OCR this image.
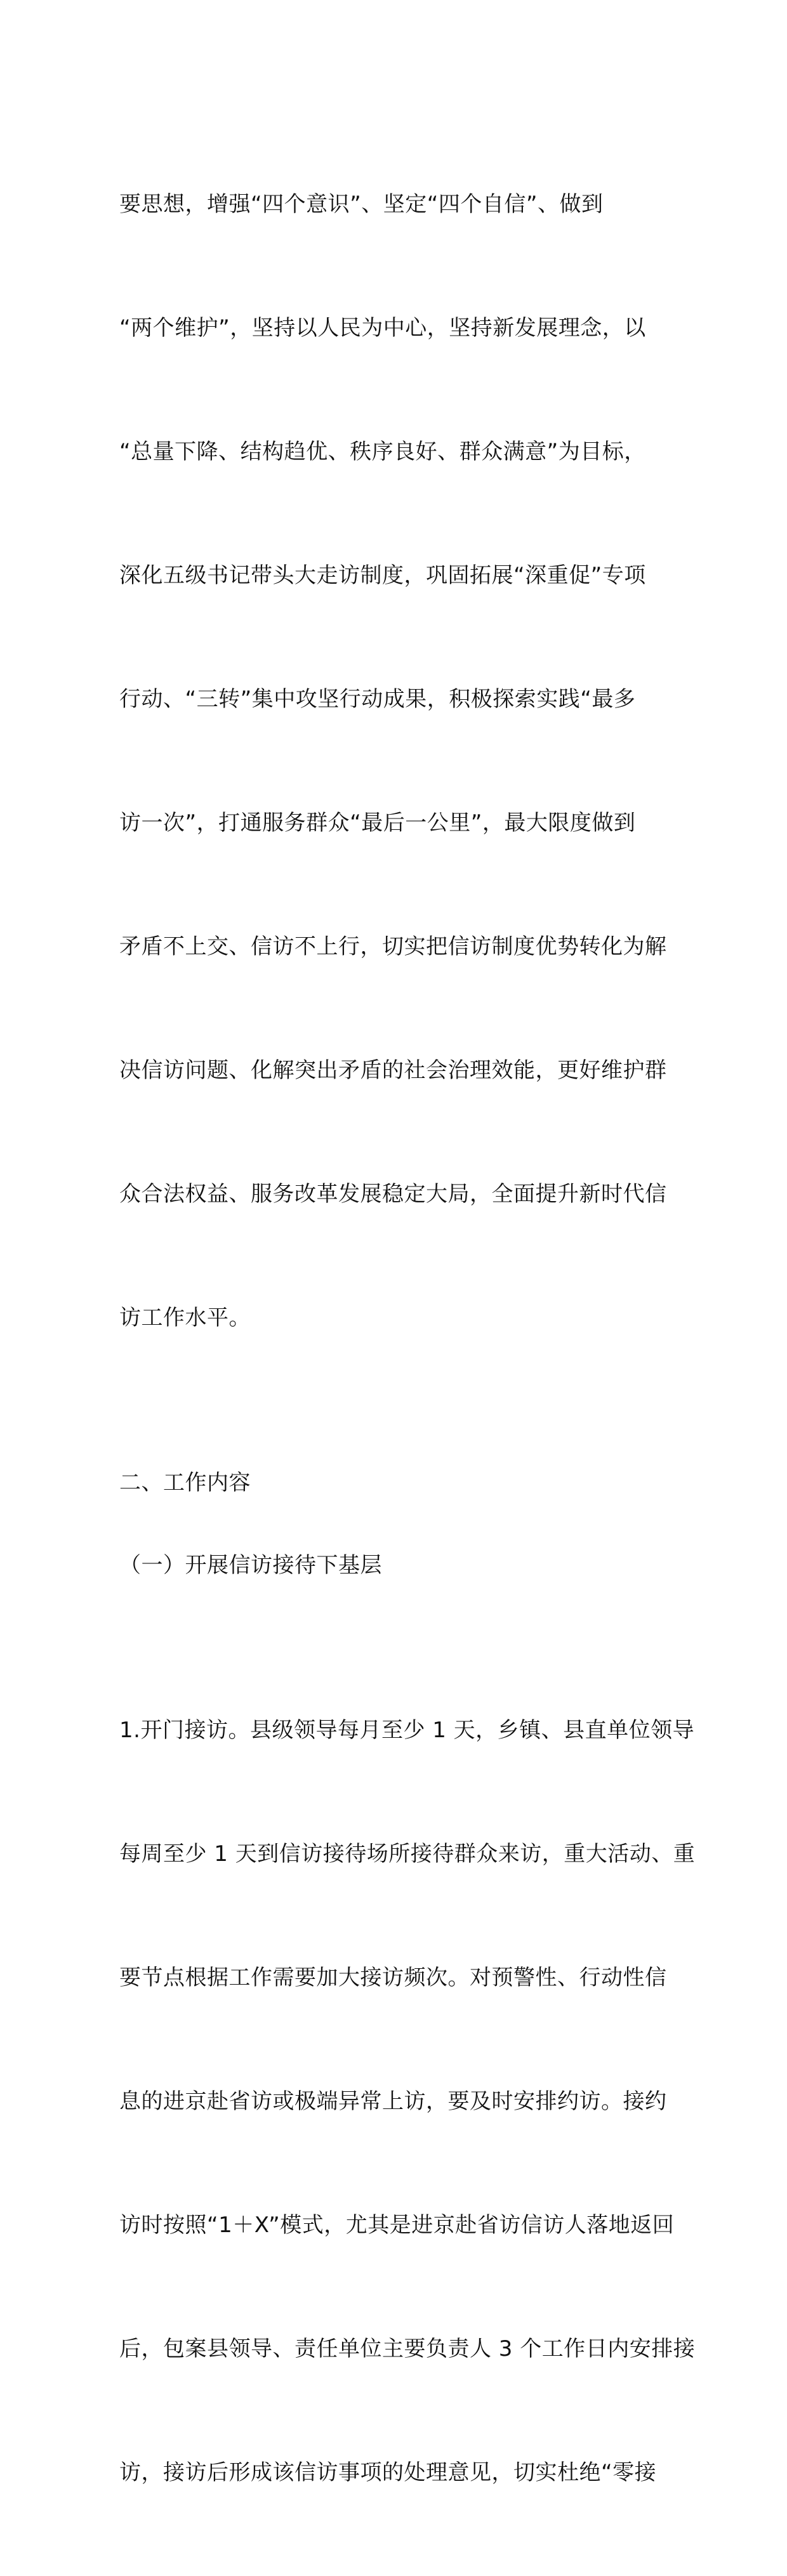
要思想，增强“四个意识”、坚定“四个自信”、做到

“两个维护”，坚持以人民为中心，坚持新发展理念，以

“总量下降、结构趋优、秩序良好、群众满意”为目标，

深化五级书记带头大走访制度，巩固拓展“深重促”专项

行动、“三转”集中攻坚行动成果，积极探索实践“最多

访一次”，打通服务群众“最后一公里”，最大限度做到

矛盾不上交、信访不上行，切实把信访制度优势转化为解

决信访问题、化解突出矛盾的社会治理效能，更好维护群

众合法权益、服务改革发展稳定大局，全面提升新时代信

访工作水平。

二、工作内容
（一）开展信访接待下基层

1.开门接访。县级领导每月至少 1 天，乡镇、县直单位领导

每周至少 1 天到信访接待场所接待群众来访，重大活动、重

要节点根据工作需要加大接访频次。对预警性、行动性信

息的进京赴省访或极端异常上访，要及时安排约访。接约

访时按照“1＋X”模式，尤其是进京赴省访信访人落地返回

后，包案县领导、责任单位主要负责人 3 个工作日内安排接

访，接访后形成该信访事项的处理意见，切实杜绝“零接
